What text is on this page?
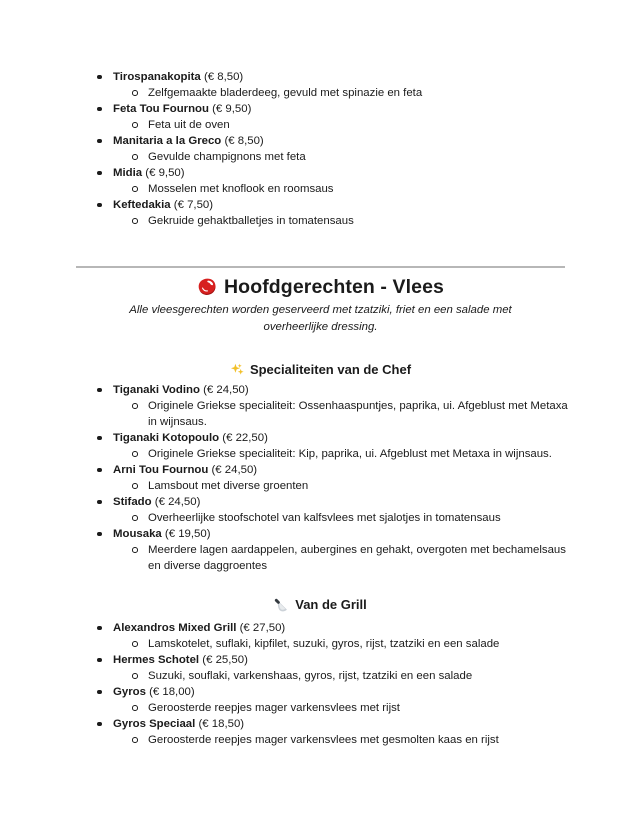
Tirospanakopita (€ 8,50)
Zelfgemaakte bladerdeeg, gevuld met spinazie en feta
Feta Tou Fournou (€ 9,50)
Feta uit de oven
Manitaria a la Greco (€ 8,50)
Gevulde champignons met feta
Midia (€ 9,50)
Mosselen met knoflook en roomsaus
Keftedakia (€ 7,50)
Gekruide gehaktballetjes in tomatensaus
Hoofdgerechten - Vlees

Alle vleesgerechten worden geserveerd met tzatziki, friet en een salade met overheerlijke dressing.

Specialiteiten van de Chef
Tiganaki Vodino (€ 24,50)
Originele Griekse specialiteit: Ossenhaaspuntjes, paprika, ui. Afgeblust met Metaxa in wijnsaus.
Tiganaki Kotopoulo (€ 22,50)
Originele Griekse specialiteit: Kip, paprika, ui. Afgeblust met Metaxa in wijnsaus.
Arni Tou Fournou (€ 24,50)
Lamsbout met diverse groenten
Stifado (€ 24,50)
Overheerlijke stoofschotel van kalfsvlees met sjalotjes in tomatensaus
Mousaka (€ 19,50)
Meerdere lagen aardappelen, aubergines en gehakt, overgoten met bechamelsaus en diverse daggroentes
Van de Grill
Alexandros Mixed Grill (€ 27,50)
Lamskotelet, suflaki, kipfilet, suzuki, gyros, rijst, tzatziki en een salade
Hermes Schotel (€ 25,50)
Suzuki, souflaki, varkenshaas, gyros, rijst, tzatziki en een salade
Gyros (€ 18,00)
Geroosterde reepjes mager varkensvlees met rijst
Gyros Speciaal (€ 18,50)
Geroosterde reepjes mager varkensvlees met gesmolten kaas en rijst
